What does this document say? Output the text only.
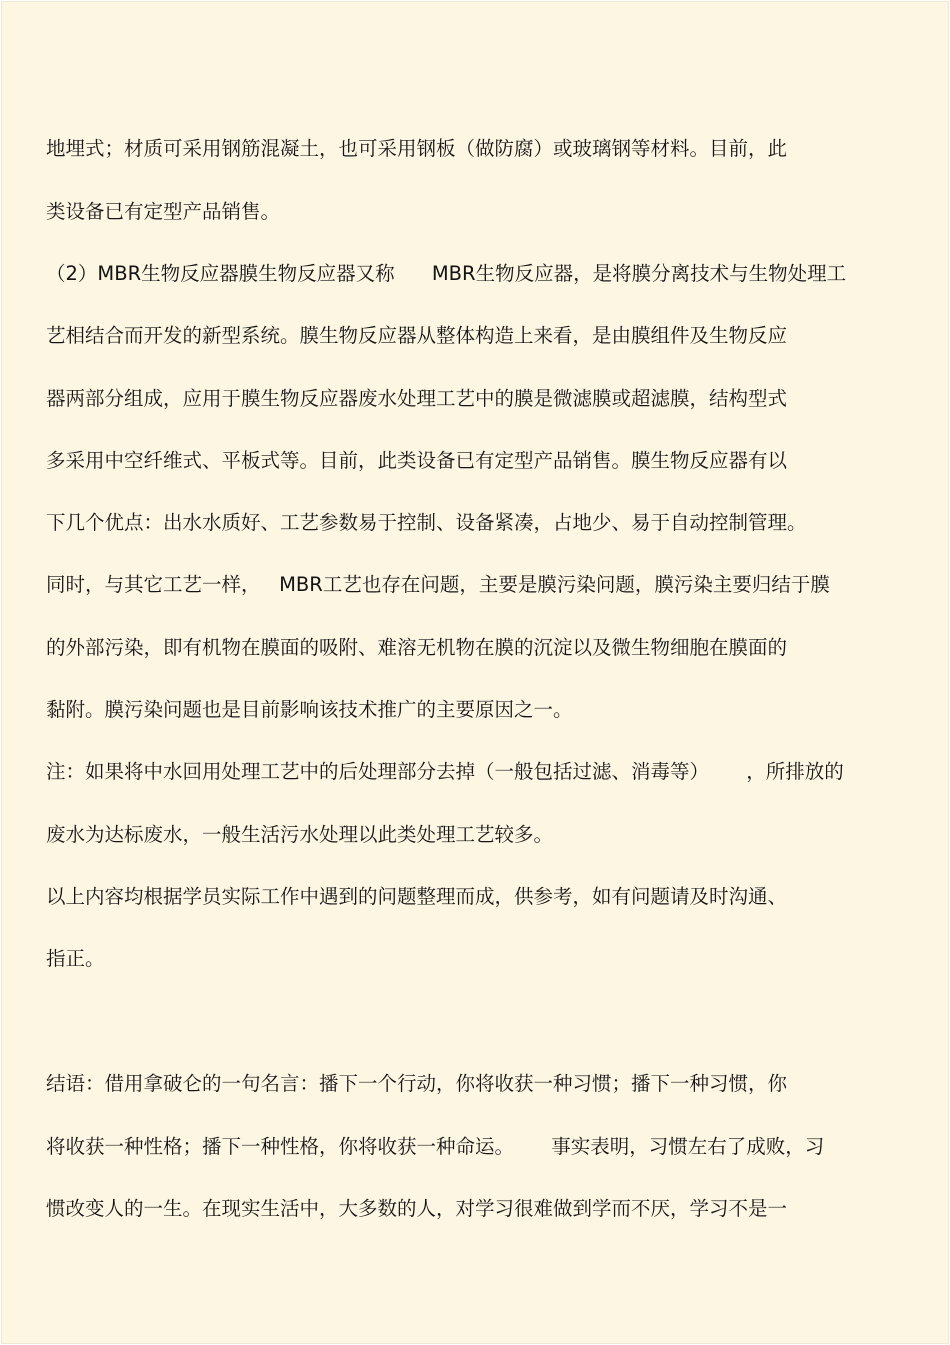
地埋式；材质可采用钢筋混凝土，也可采用钢板（做防腐）或玻璃钢等材料。目前，此
类设备已有定型产品销售。
（2）MBR生物反应器膜生物反应器又称      MBR生物反应器，是将膜分离技术与生物处理工
艺相结合而开发的新型系统。膜生物反应器从整体构造上来看，是由膜组件及生物反应
器两部分组成，应用于膜生物反应器废水处理工艺中的膜是微滤膜或超滤膜，结构型式
多采用中空纤维式、平板式等。目前，此类设备已有定型产品销售。膜生物反应器有以
下几个优点：出水水质好、工艺参数易于控制、设备紧凑，占地少、易于自动控制管理。
同时，与其它工艺一样，   MBR工艺也存在问题，主要是膜污染问题，膜污染主要归结于膜
的外部污染，即有机物在膜面的吸附、难溶无机物在膜的沉淀以及微生物细胞在膜面的
黏附。膜污染问题也是目前影响该技术推广的主要原因之一。
注：如果将中水回用处理工艺中的后处理部分去掉（一般包括过滤、消毒等）      ，所排放的
废水为达标废水，一般生活污水处理以此类处理工艺较多。
以上内容均根据学员实际工作中遇到的问题整理而成，供参考，如有问题请及时沟通、
指正。
结语：借用拿破仑的一句名言：播下一个行动，你将收获一种习惯；播下一种习惯，你
将收获一种性格；播下一种性格，你将收获一种命运。      事实表明，习惯左右了成败，习
惯改变人的一生。在现实生活中，大多数的人，对学习很难做到学而不厌，学习不是一
